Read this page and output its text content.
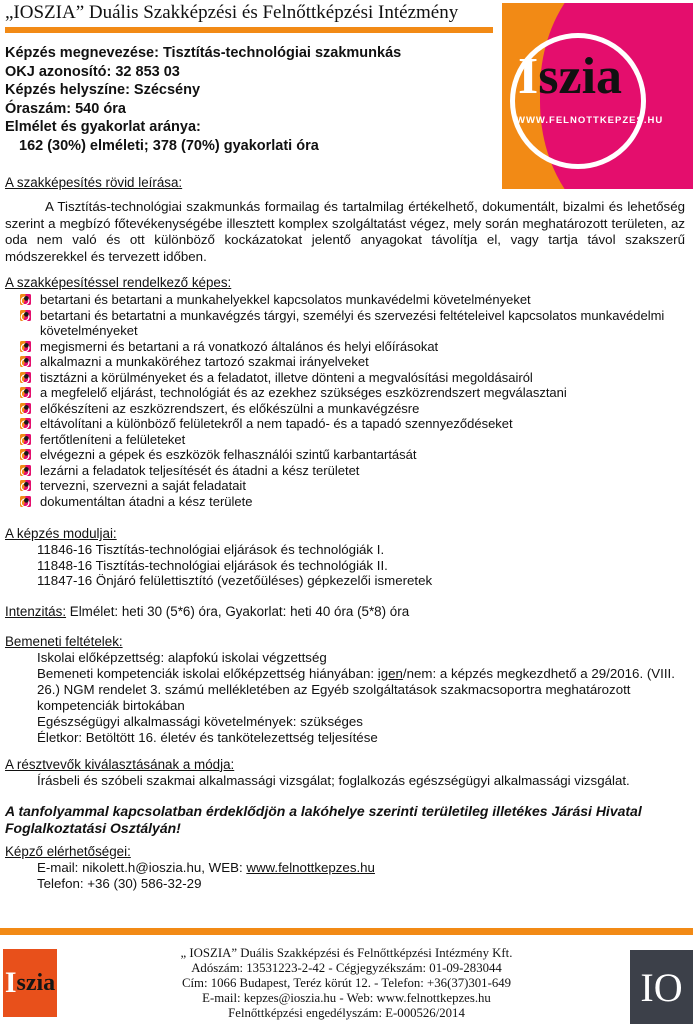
„IOSZIA” Duális Szakképzési és Felnőttképzési Intézmény
Iszia
WWW.FELNOTTKEPZES.HU
Képzés megnevezése: Tisztítás-technológiai szakmunkás
OKJ azonosító: 32 853 03
Képzés helyszíne: Szécsény
Óraszám: 540 óra
Elmélet és gyakorlat aránya:
162 (30%) elméleti; 378 (70%) gyakorlati óra
A szakképesítés rövid leírása:
A Tisztítás-technológiai szakmunkás formailag és tartalmilag értékelhető, dokumentált, bizalmi és lehetőség szerint a megbízó főtevékenységébe illesztett komplex szolgáltatást végez, mely során meghatározott területen, az oda nem való és ott különböző kockázatokat jelentő anyagokat távolítja el, vagy tartja távol szakszerű módszerekkel és tervezett időben.
A szakképesítéssel rendelkező képes:
betartani és betartani a munkahelyekkel kapcsolatos munkavédelmi követelményeket
betartani és betartatni a munkavégzés tárgyi, személyi és szervezési feltételeivel kapcsolatos munkavédelmi követelményeket
megismerni és betartani a rá vonatkozó általános és helyi előírásokat
alkalmazni a munkaköréhez tartozó szakmai irányelveket
tisztázni a körülményeket és a feladatot, illetve dönteni a megvalósítási megoldásairól
a megfelelő eljárást, technológiát és az ezekhez szükséges eszközrendszert megválasztani
előkészíteni az eszközrendszert, és előkészülni a munkavégzésre
eltávolítani a különböző felületekről a nem tapadó- és a tapadó szennyeződéseket
fertőtleníteni a felületeket
elvégezni a gépek és eszközök felhasználói szintű karbantartását
lezárni a feladatok teljesítését és átadni a kész területet
tervezni, szervezni a saját feladatait
dokumentáltan átadni a kész területe
A képzés moduljai:
11846-16 Tisztítás-technológiai eljárások és technológiák I.
11848-16 Tisztítás-technológiai eljárások és technológiák II.
11847-16 Önjáró felülettisztító (vezetőüléses) gépkezelői ismeretek
Intenzitás: Elmélet: heti 30 (5*6) óra, Gyakorlat: heti 40 óra (5*8) óra
Bemeneti feltételek:
Iskolai előképzettség: alapfokú iskolai végzettség
Bemeneti kompetenciák iskolai előképzettség hiányában: igen/nem: a képzés megkezdhető a 29/2016. (VIII. 26.) NGM rendelet 3. számú mellékletében az Egyéb szolgáltatások szakmacsoportra meghatározott kompetenciák birtokában
Egészségügyi alkalmassági követelmények: szükséges
Életkor: Betöltött 16. életév és tankötelezettség teljesítése
A résztvevők kiválasztásának a módja:
Írásbeli és szóbeli szakmai alkalmassági vizsgálat; foglalkozás egészségügyi alkalmassági vizsgálat.
A tanfolyammal kapcsolatban érdeklődjön a lakóhelye szerinti területileg illetékes Járási Hivatal Foglalkoztatási Osztályán!
Képző elérhetőségei:
E-mail: nikolett.h@ioszia.hu, WEB: www.felnottkepzes.hu
Telefon: +36 (30) 586-32-29
I szia
„ IOSZIA” Duális Szakképzési és Felnőttképzési Intézmény Kft.
Adószám: 13531223-2-42 - Cégjegyzékszám: 01-09-283044
Cím: 1066 Budapest, Teréz körút 12. - Telefon: +36(37)301-649
E-mail: kepzes@ioszia.hu - Web: www.felnottkepzes.hu
Felnőttképzési engedélyszám: E-000526/2014
IO
